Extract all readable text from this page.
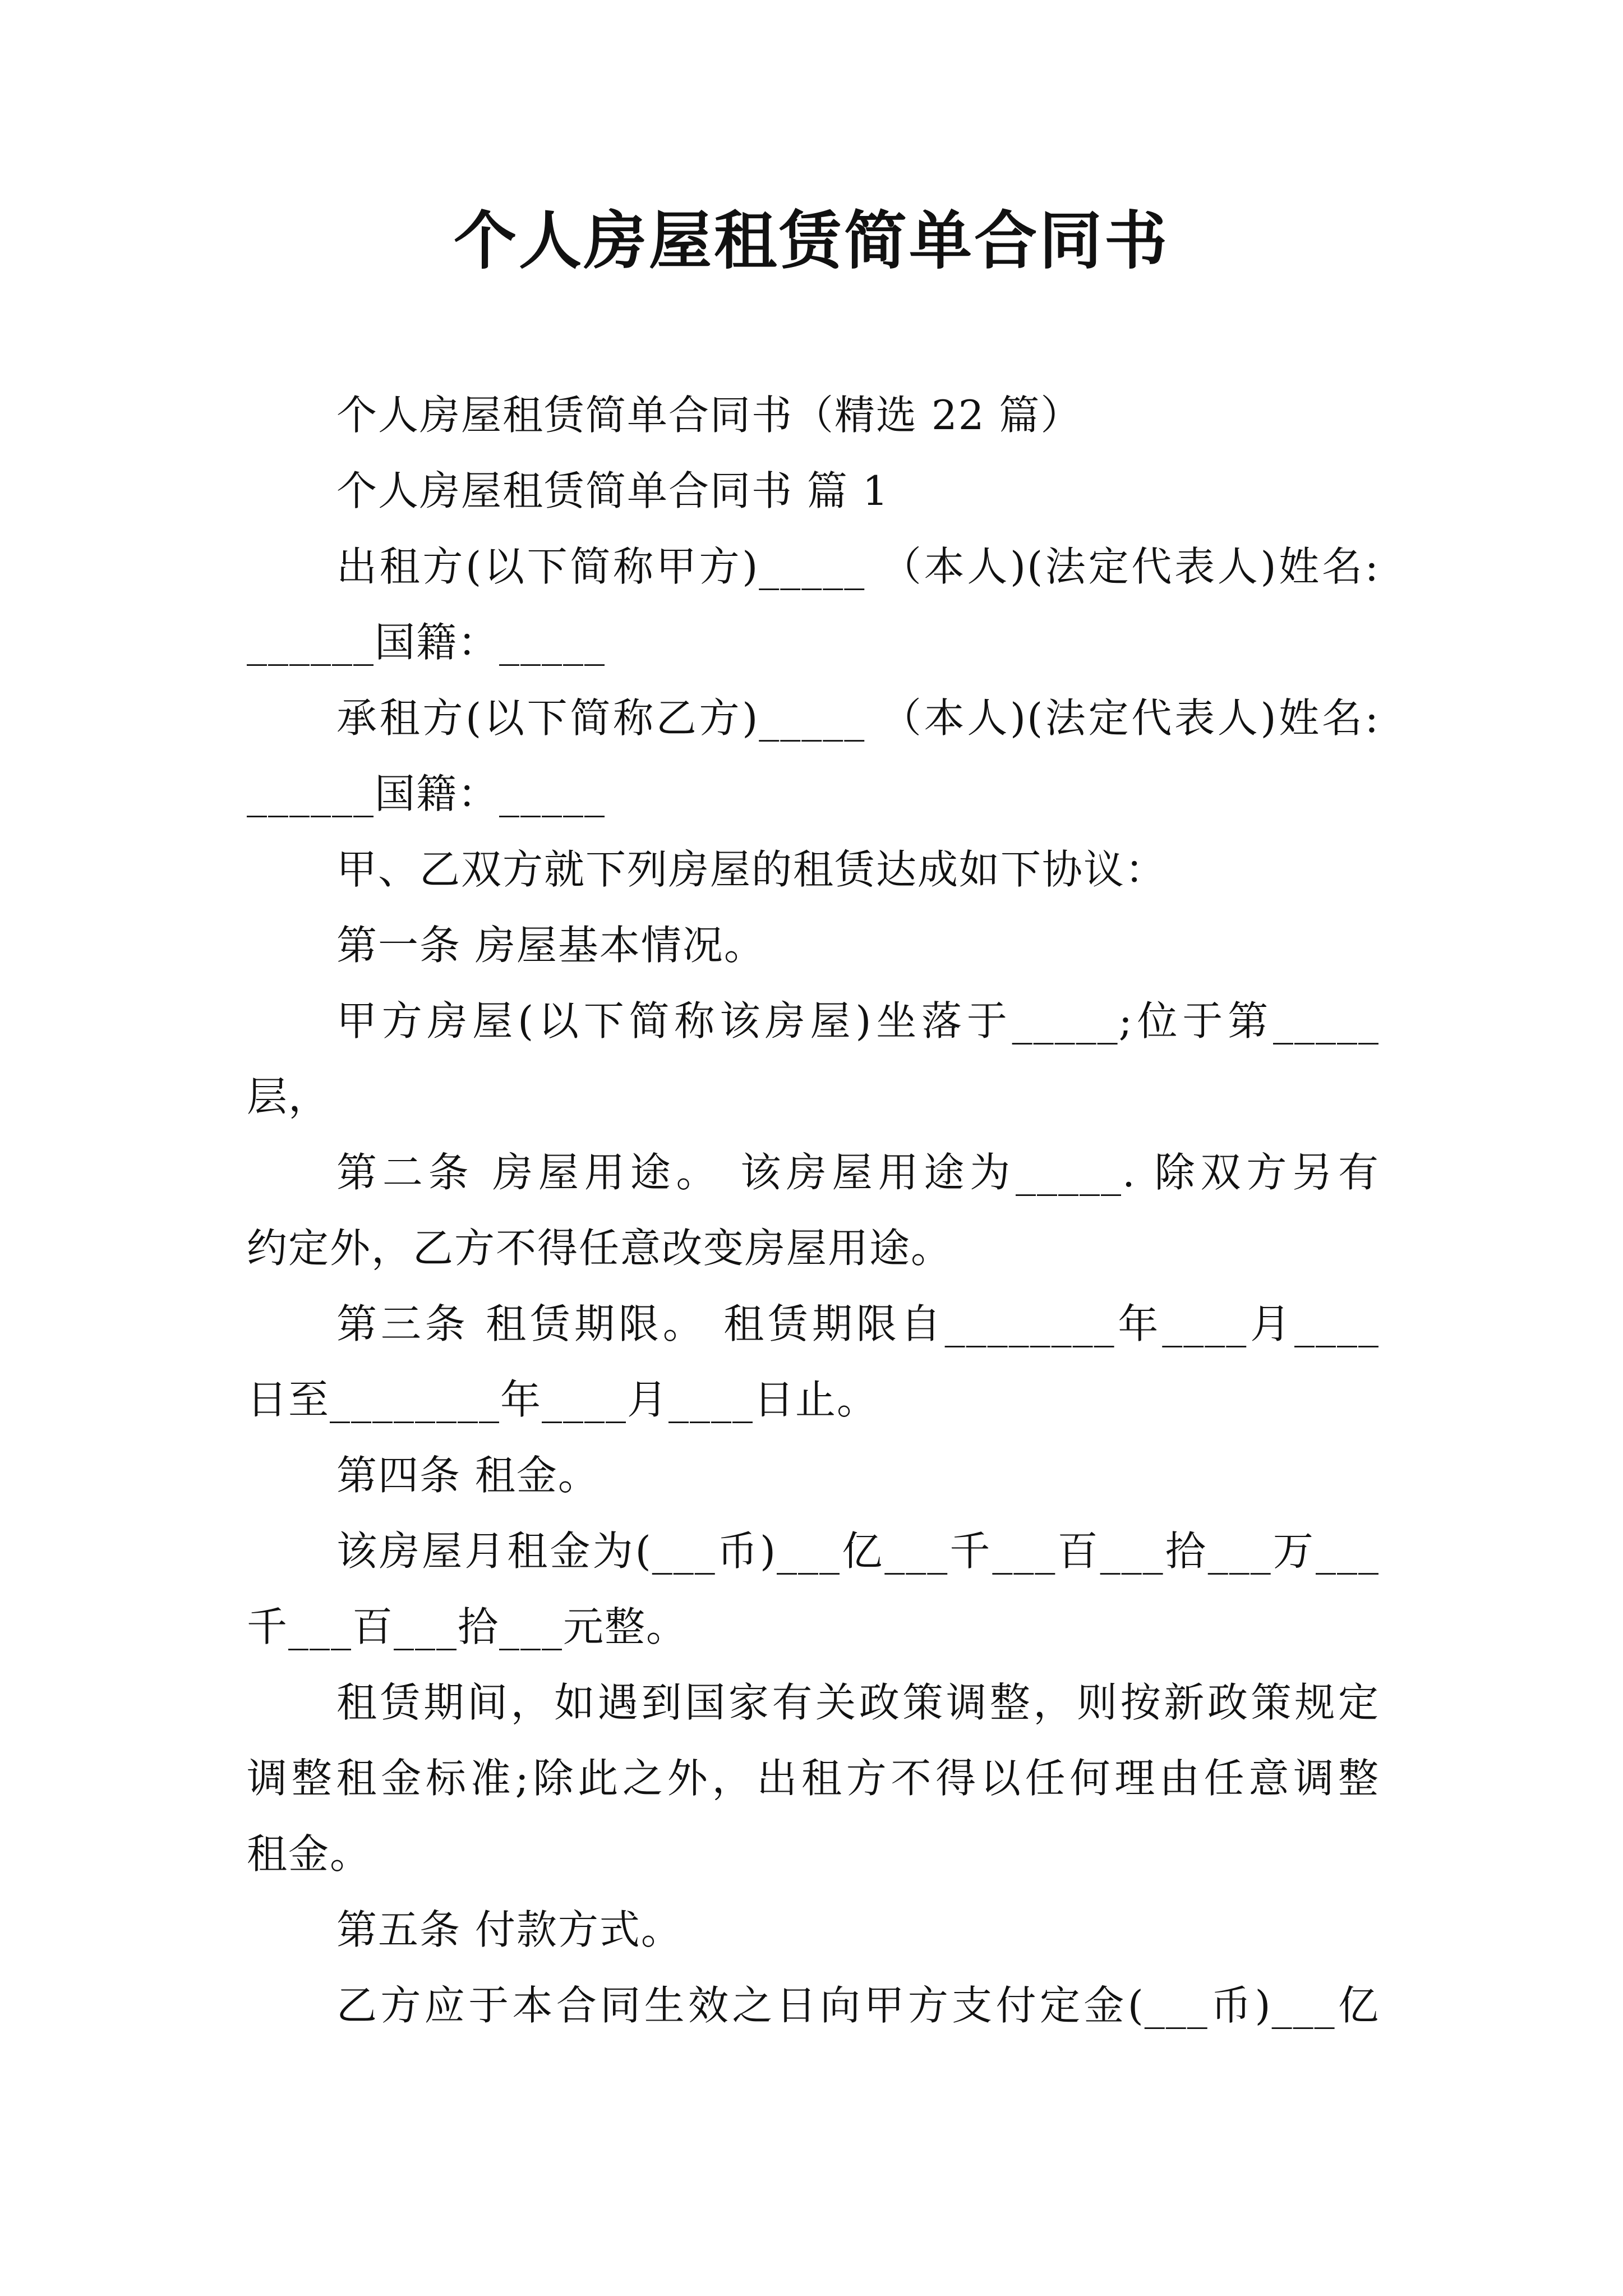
个人房屋租赁简单合同书
个人房屋租赁简单合同书（精选 22 篇）
个人房屋租赁简单合同书 篇 1
出租方(以下简称甲方)_____ （本人)(法定代表人)姓名:
______国籍：_____
承租方(以下简称乙方)_____ （本人)(法定代表人)姓名:
______国籍：_____
甲、乙双方就下列房屋的租赁达成如下协议：
第一条 房屋基本情况。
甲方房屋(以下简称该房屋)坐落于_____;位于第_____
层，
第二条 房屋用途。 该房屋用途为_____. 除双方另有
约定外，乙方不得任意改变房屋用途。
第三条 租赁期限。 租赁期限自________年____月____
日至________年____月____日止。
第四条 租金。
该房屋月租金为(___币)___亿___千___百___拾___万___
千___百___拾___元整。
租赁期间，如遇到国家有关政策调整，则按新政策规定
调整租金标准;除此之外，出租方不得以任何理由任意调整
租金。
第五条 付款方式。
乙方应于本合同生效之日向甲方支付定金(___币)___亿
